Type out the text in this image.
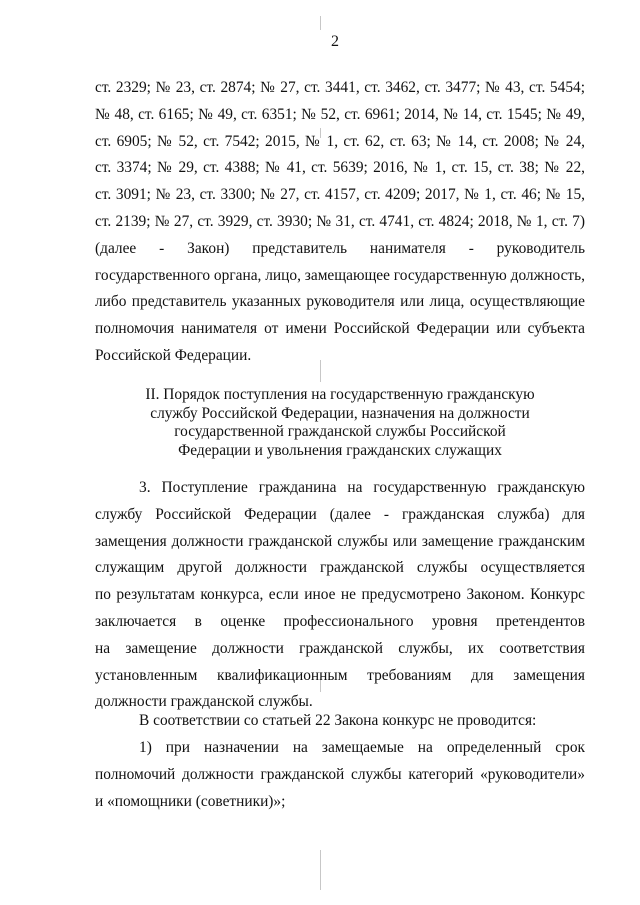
2
ст. 2329; № 23, ст. 2874; № 27, ст. 3441, ст. 3462, ст. 3477; № 43, ст. 5454;
№ 48, ст. 6165; № 49, ст. 6351; № 52, ст. 6961; 2014, № 14, ст. 1545; № 49,
ст. 6905; № 52, ст. 7542; 2015, № 1, ст. 62, ст. 63; № 14, ст. 2008; № 24,
ст. 3374; № 29, ст. 4388; № 41, ст. 5639; 2016, № 1, ст. 15, ст. 38; № 22,
ст. 3091; № 23, ст. 3300; № 27, ст. 4157, ст. 4209; 2017, № 1, ст. 46; № 15,
ст. 2139; № 27, ст. 3929, ст. 3930; № 31, ст. 4741, ст. 4824; 2018, № 1, ст. 7)
(далее - Закон) представитель нанимателя - руководитель
государственного органа, лицо, замещающее государственную должность,
либо представитель указанных руководителя или лица, осуществляющие
полномочия нанимателя от имени Российской Федерации или субъекта
Российской Федерации.
II. Порядок поступления на государственную гражданскую
службу Российской Федерации, назначения на должности
государственной гражданской службы Российской
Федерации и увольнения гражданских служащих
3. Поступление гражданина на государственную гражданскую
службу Российской Федерации (далее - гражданская служба) для
замещения должности гражданской службы или замещение гражданским
служащим другой должности гражданской службы осуществляется
по результатам конкурса, если иное не предусмотрено Законом. Конкурс
заключается в оценке профессионального уровня претендентов
на замещение должности гражданской службы, их соответствия
установленным квалификационным требованиям для замещения
должности гражданской службы.
В соответствии со статьей 22 Закона конкурс не проводится:
1) при назначении на замещаемые на определенный срок
полномочий должности гражданской службы категорий «руководители»
и «помощники (советники)»;
